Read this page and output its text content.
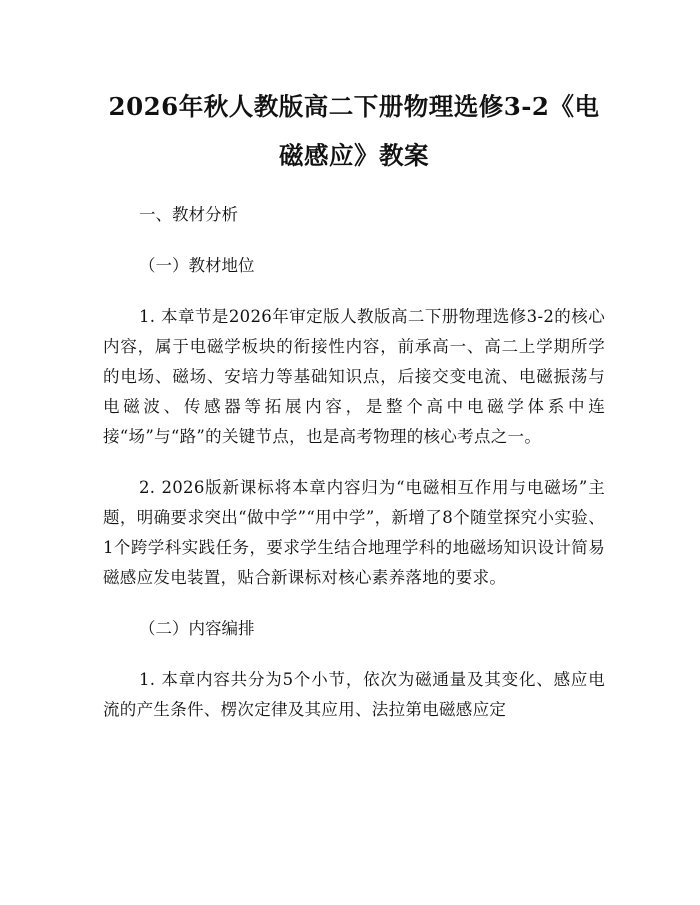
2026年秋人教版高二下册物理选修3-2《电磁感应》教案
一、教材分析
（一）教材地位

1. 本章节是2026年审定版人教版高二下册物理选修3-2的核心内容，属于电磁学板块的衔接性内容，前承高一、高二上学期所学的电场、磁场、安培力等基础知识点，后接交变电流、电磁振荡与电磁波、传感器等拓展内容，是整个高中电磁学体系中连接“场”与“路”的关键节点，也是高考物理的核心考点之一。

2. 2026版新课标将本章内容归为“电磁相互作用与电磁场”主题，明确要求突出“做中学”“用中学”，新增了8个随堂探究小实验、1个跨学科实践任务，要求学生结合地理学科的地磁场知识设计简易磁感应发电装置，贴合新课标对核心素养落地的要求。

（二）内容编排

1. 本章内容共分为5个小节，依次为磁通量及其变化、感应电流的产生条件、楞次定律及其应用、法拉第电磁感应定
